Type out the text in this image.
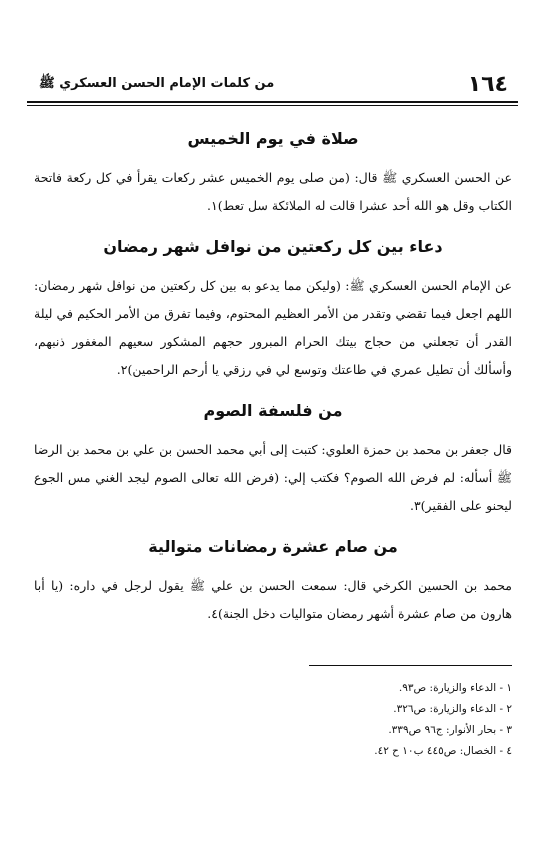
١٦٤
من كلمات الإمام الحسن العسكري ﷺ
صلاة في يوم الخميس

عن الحسن العسكري ﷺ قال: (من صلى يوم الخميس عشر ركعات يقرأ في كل ركعة فاتحة الكتاب وقل هو الله أحد عشرا قالت له الملائكة سل تعط)١.

دعاء بين كل ركعتين من نوافل شهر رمضان

عن الإمام الحسن العسكري ﷺ: (وليكن مما يدعو به بين كل ركعتين من نوافل شهر رمضان: اللهم اجعل فيما تقضي وتقدر من الأمر العظيم المحتوم، وفيما تفرق من الأمر الحكيم في ليلة القدر أن تجعلني من حجاج بيتك الحرام المبرور حجهم المشكور سعيهم المغفور ذنبهم، وأسألك أن تطيل عمري في طاعتك وتوسع لي في رزقي يا أرحم الراحمين)٢.

من فلسفة الصوم

قال جعفر بن محمد بن حمزة العلوي: كتبت إلى أبي محمد الحسن بن علي بن محمد بن الرضا ﷺ أسأله: لم فرض الله الصوم؟ فكتب إلي: (فرض الله تعالى الصوم ليجد الغني مس الجوع ليحنو على الفقير)٣.

من صام عشرة رمضانات متوالية

محمد بن الحسين الكرخي قال: سمعت الحسن بن علي ﷺ يقول لرجل في داره: (يا أبا هارون من صام عشرة أشهر رمضان متواليات دخل الجنة)٤.

١ - الدعاء والزيارة: ص٩٣.

٢ - الدعاء والزيارة: ص٣٢٦.

٣ - بحار الأنوار: ج٩٦ ص٣٣٩.

٤ - الخصال: ص٤٤٥ ب١٠ ح ٤٢.
